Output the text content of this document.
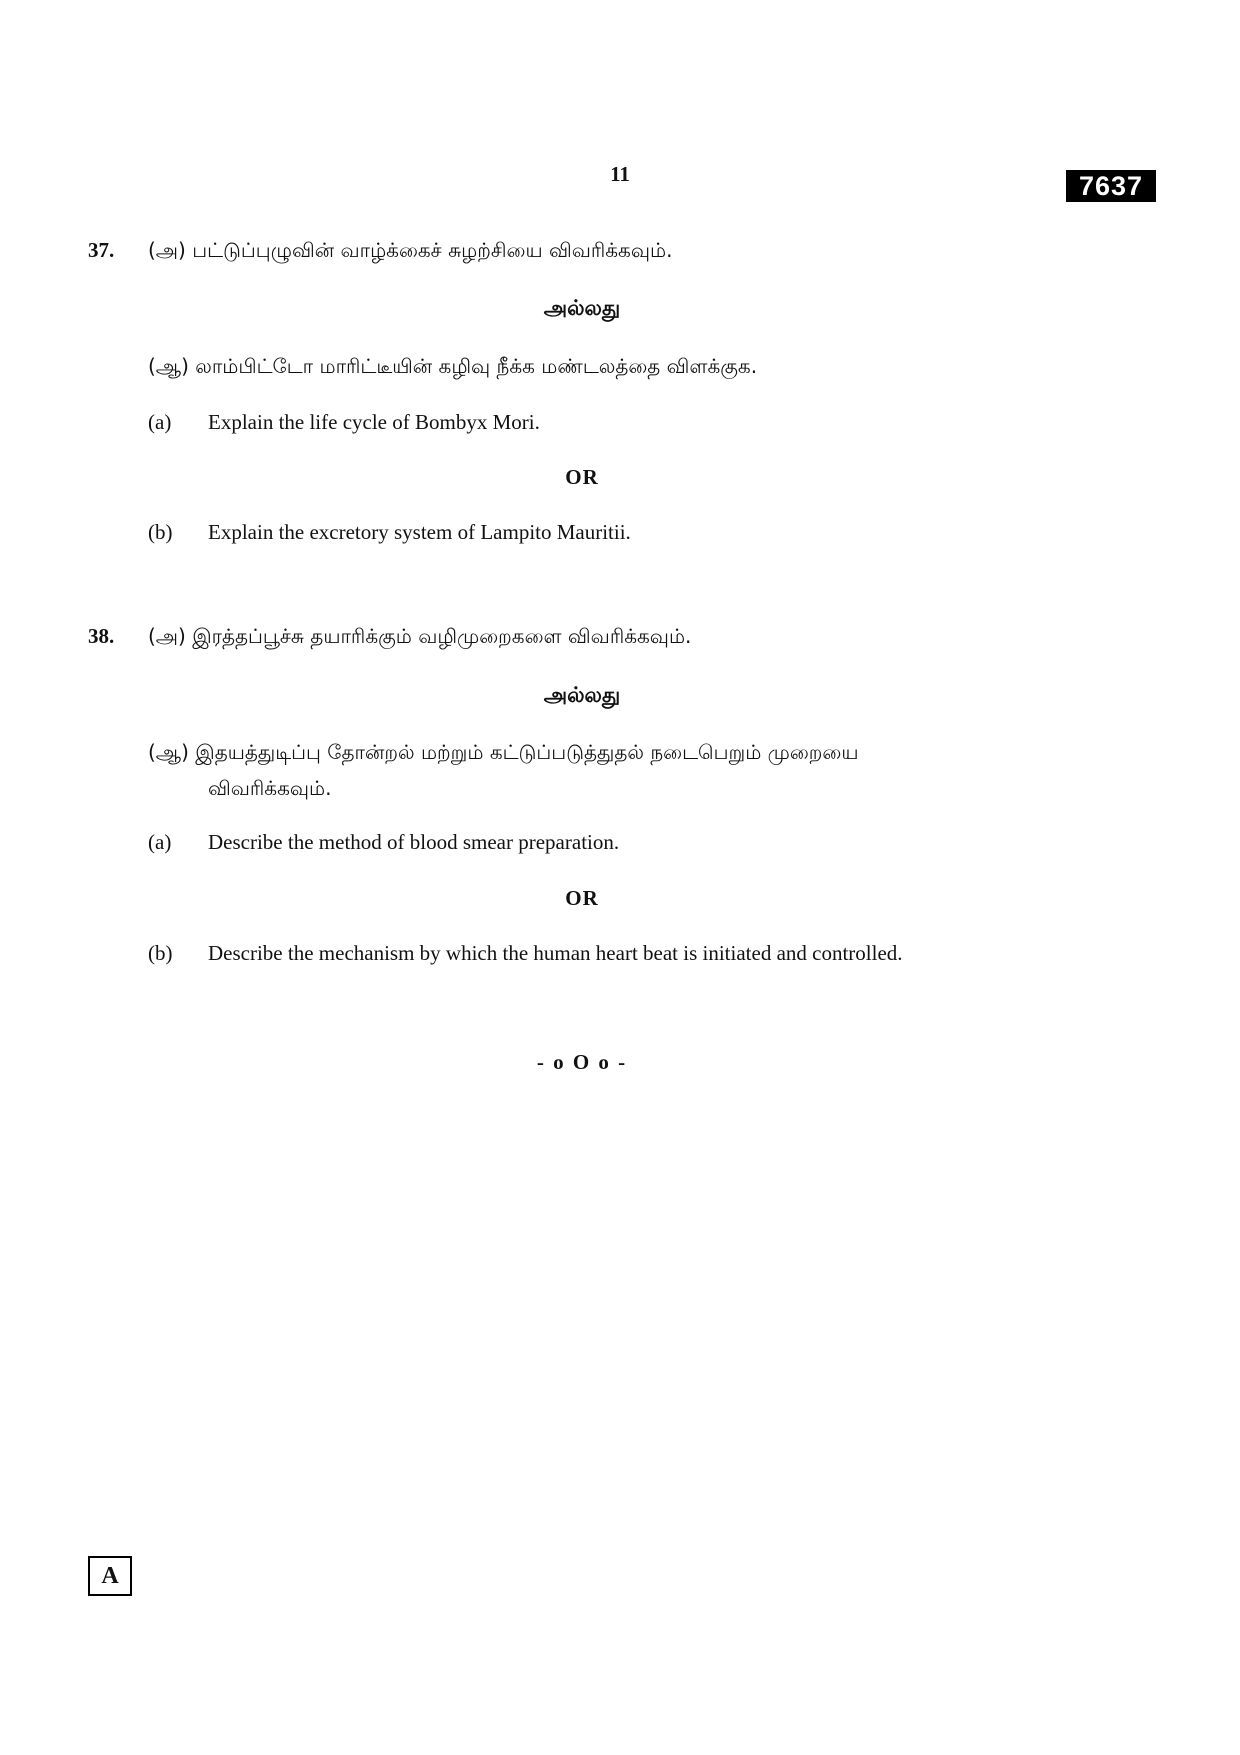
11	7637
37. (அ) பட்டுப்புழுவின் வாழ்க்கைச் சுழற்சியை விவரிக்கவும்.
அல்லது
(ஆ) லாம்பிட்டோ மாரிட்டீயின் கழிவு நீக்க மண்டலத்தை விளக்குக.
(a) Explain the life cycle of Bombyx Mori.
OR
(b) Explain the excretory system of Lampito Mauritii.
38. (அ) இரத்தப்பூச்சு தயாரிக்கும் வழிமுறைகளை விவரிக்கவும்.
அல்லது
(ஆ) இதயத்துடிப்பு தோன்றல் மற்றும் கட்டுப்படுத்துதல் நடைபெறும் முறையை
விவரிக்கவும்.
(a) Describe the method of blood smear preparation.
OR
(b) Describe the mechanism by which the human heart beat is initiated and controlled.
- o O o -
A
